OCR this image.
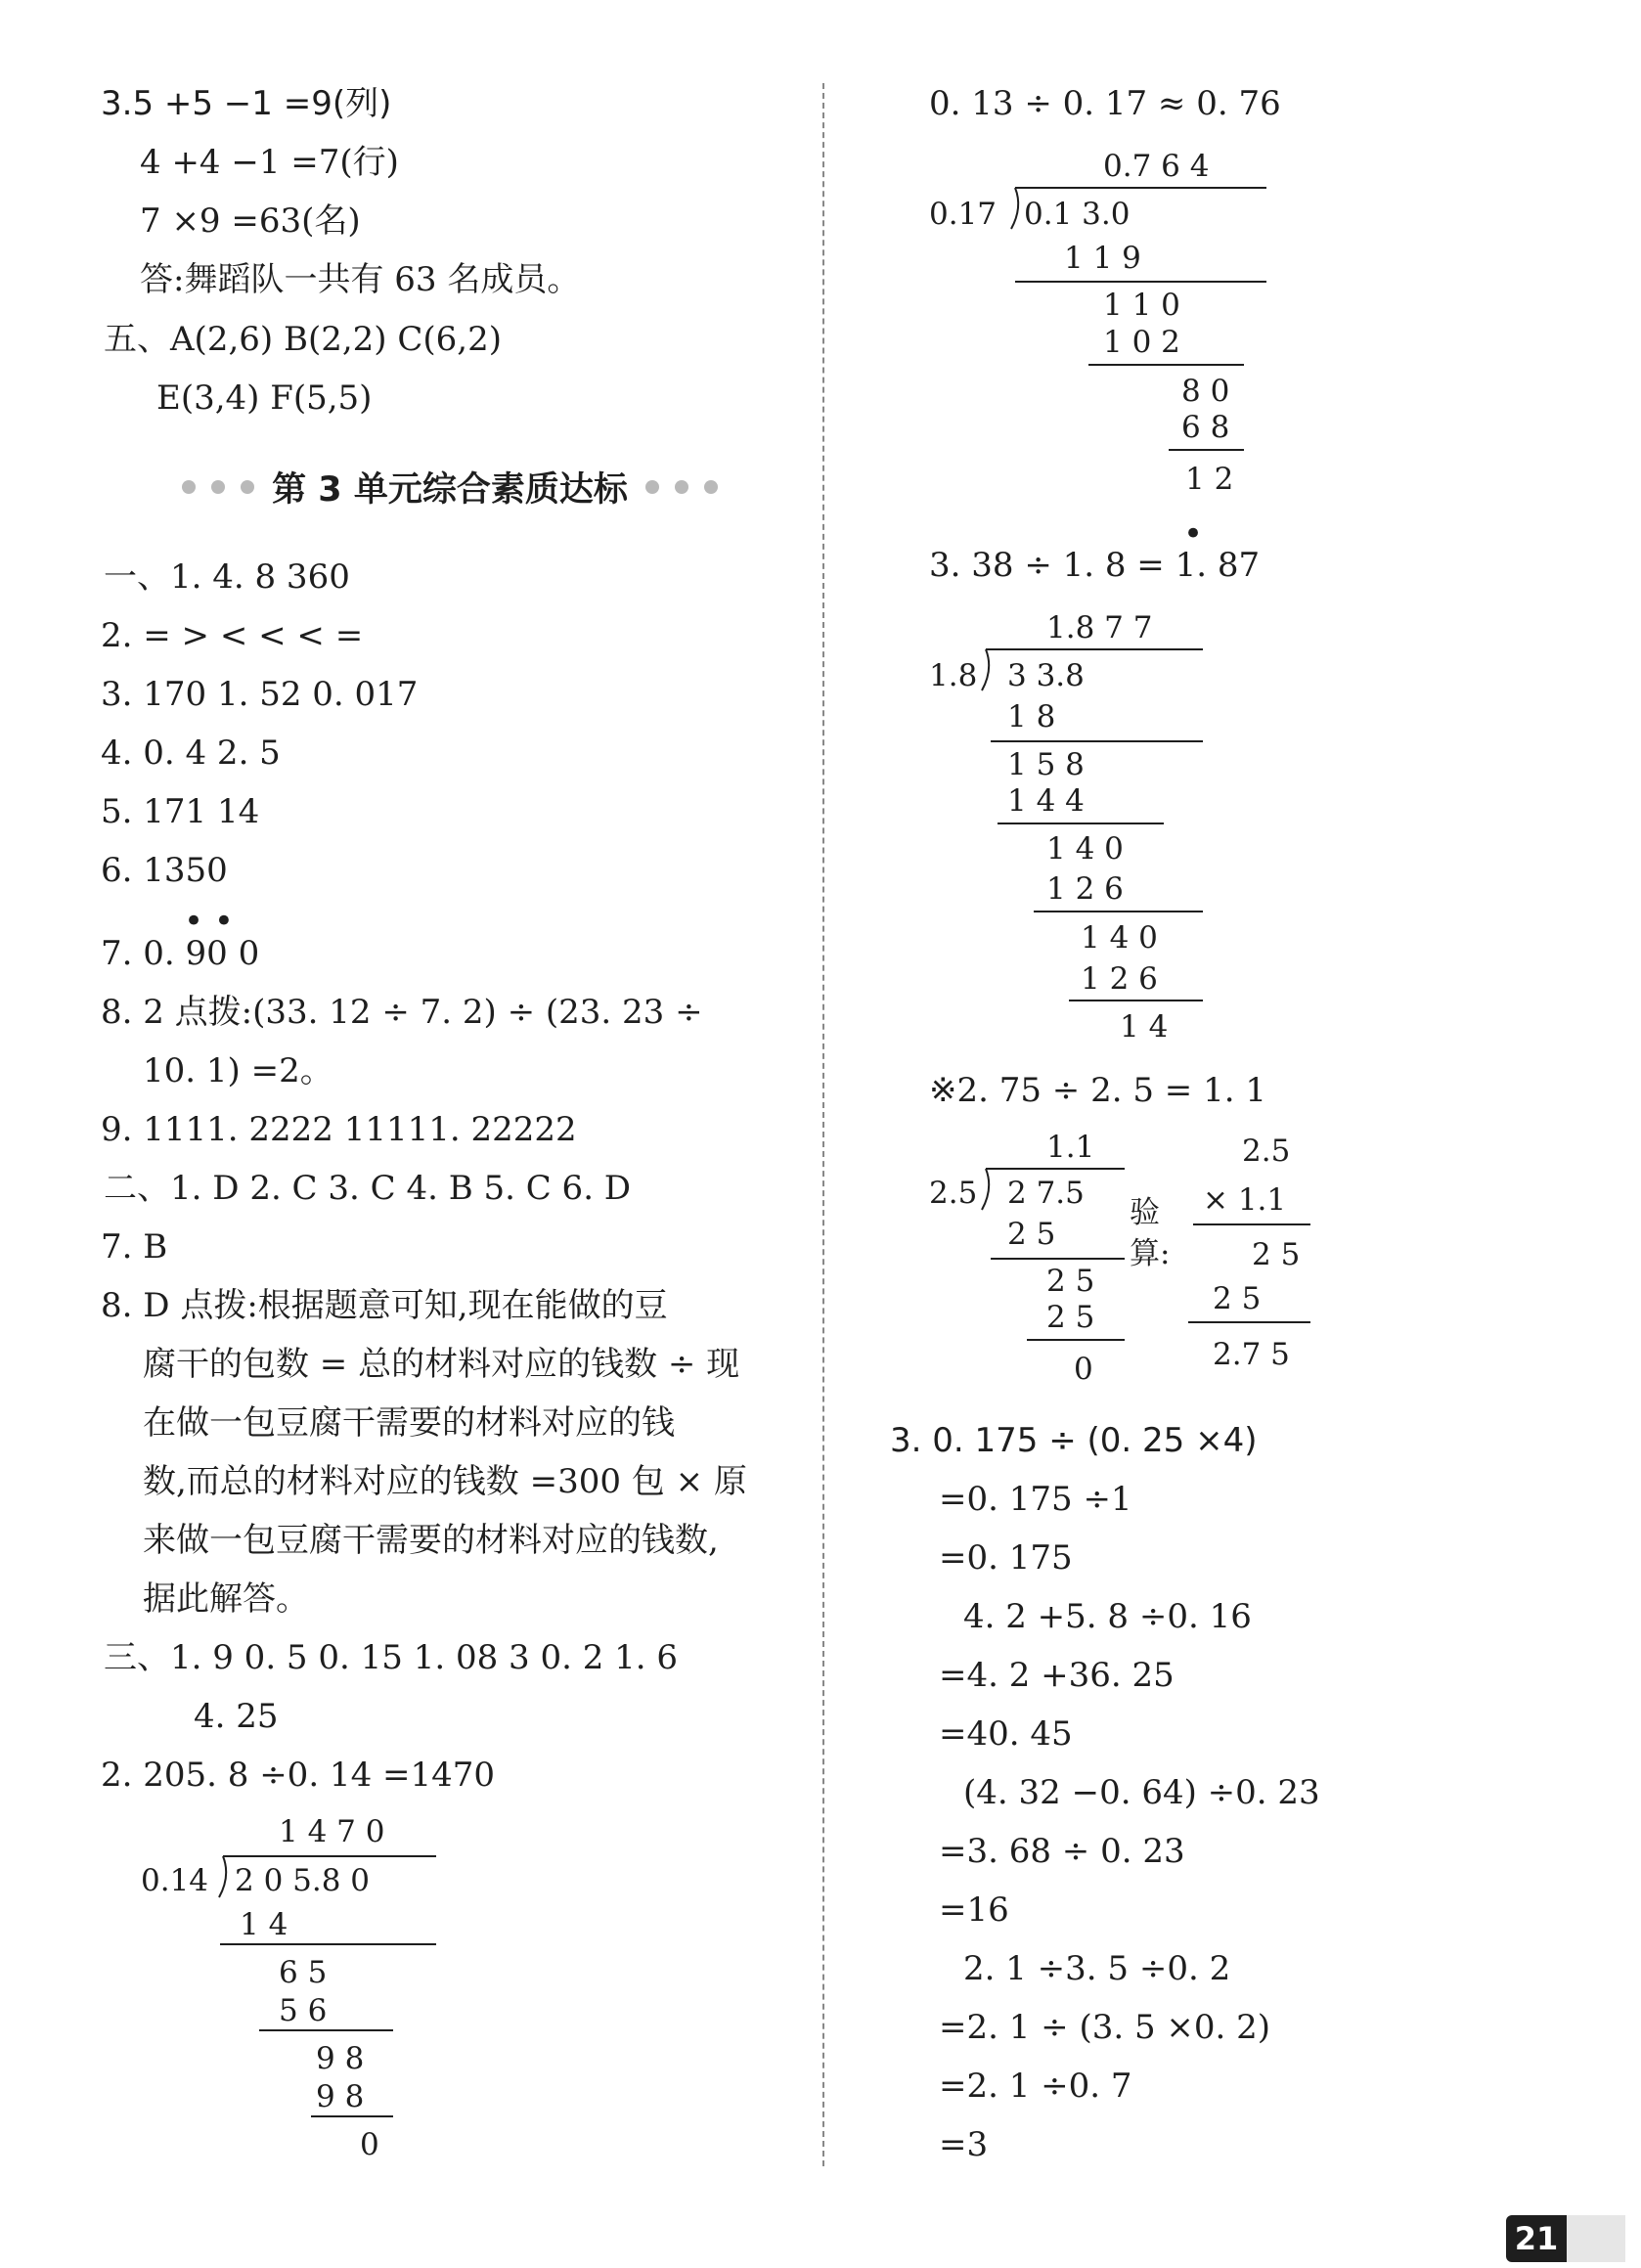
3.5 +5 −1 =9(列)
4 +4 −1 =7(行)
7 ×9 =63(名)
答:舞蹈队一共有 63 名成员。
五、A(2,6) B(2,2) C(6,2)
E(3,4) F(5,5)
第 3 单元综合素质达标
一、1. 4. 8 360
2. = > < < < =
3. 170 1. 52 0. 017
4. 0. 4 2. 5
5. 171 14
6. 1350
• •
7. 0. 90 0
8. 2 点拨:(33. 12 ÷ 7. 2) ÷ (23. 23 ÷
10. 1) =2。
9. 1111. 2222 11111. 22222
二、1. D 2. C 3. C 4. B 5. C 6. D
7. B
8. D 点拨:根据题意可知,现在能做的豆
腐干的包数 = 总的材料对应的钱数 ÷ 现
在做一包豆腐干需要的材料对应的钱
数,而总的材料对应的钱数 =300 包 × 原
来做一包豆腐干需要的材料对应的钱数,
据此解答。
三、1. 9 0. 5 0. 15 1. 08 3 0. 2 1. 6
4. 25
2. 205. 8 ÷0. 14 =1470
1 4 7 0
0.14 2 0 5.8 0
1 4
6 5
5 6
9 8
9 8
0
0. 13 ÷ 0. 17 ≈ 0. 76
0.7 6 4
0.17 0.1 3.0
1 1 9
1 1 0
1 0 2
8 0
6 8
1 2
3. 38 ÷ 1. 8 = 1. 87
•
1.8 7 7
1.8 3 3.8
1 8
1 5 8
1 4 4
1 4 0
1 2 6
1 4 0
1 2 6
1 4
※2. 75 ÷ 2. 5 = 1. 1
1.1
2.5 2 7.5
2 5
2 5
2 5
0
验
算:
2.5
× 1.1
2 5
2 5
2.7 5
3. 0. 175 ÷ (0. 25 ×4)
=0. 175 ÷1
=0. 175
4. 2 +5. 8 ÷0. 16
=4. 2 +36. 25
=40. 45
(4. 32 −0. 64) ÷0. 23
=3. 68 ÷ 0. 23
=16
2. 1 ÷3. 5 ÷0. 2
=2. 1 ÷ (3. 5 ×0. 2)
=2. 1 ÷0. 7
=3
21
